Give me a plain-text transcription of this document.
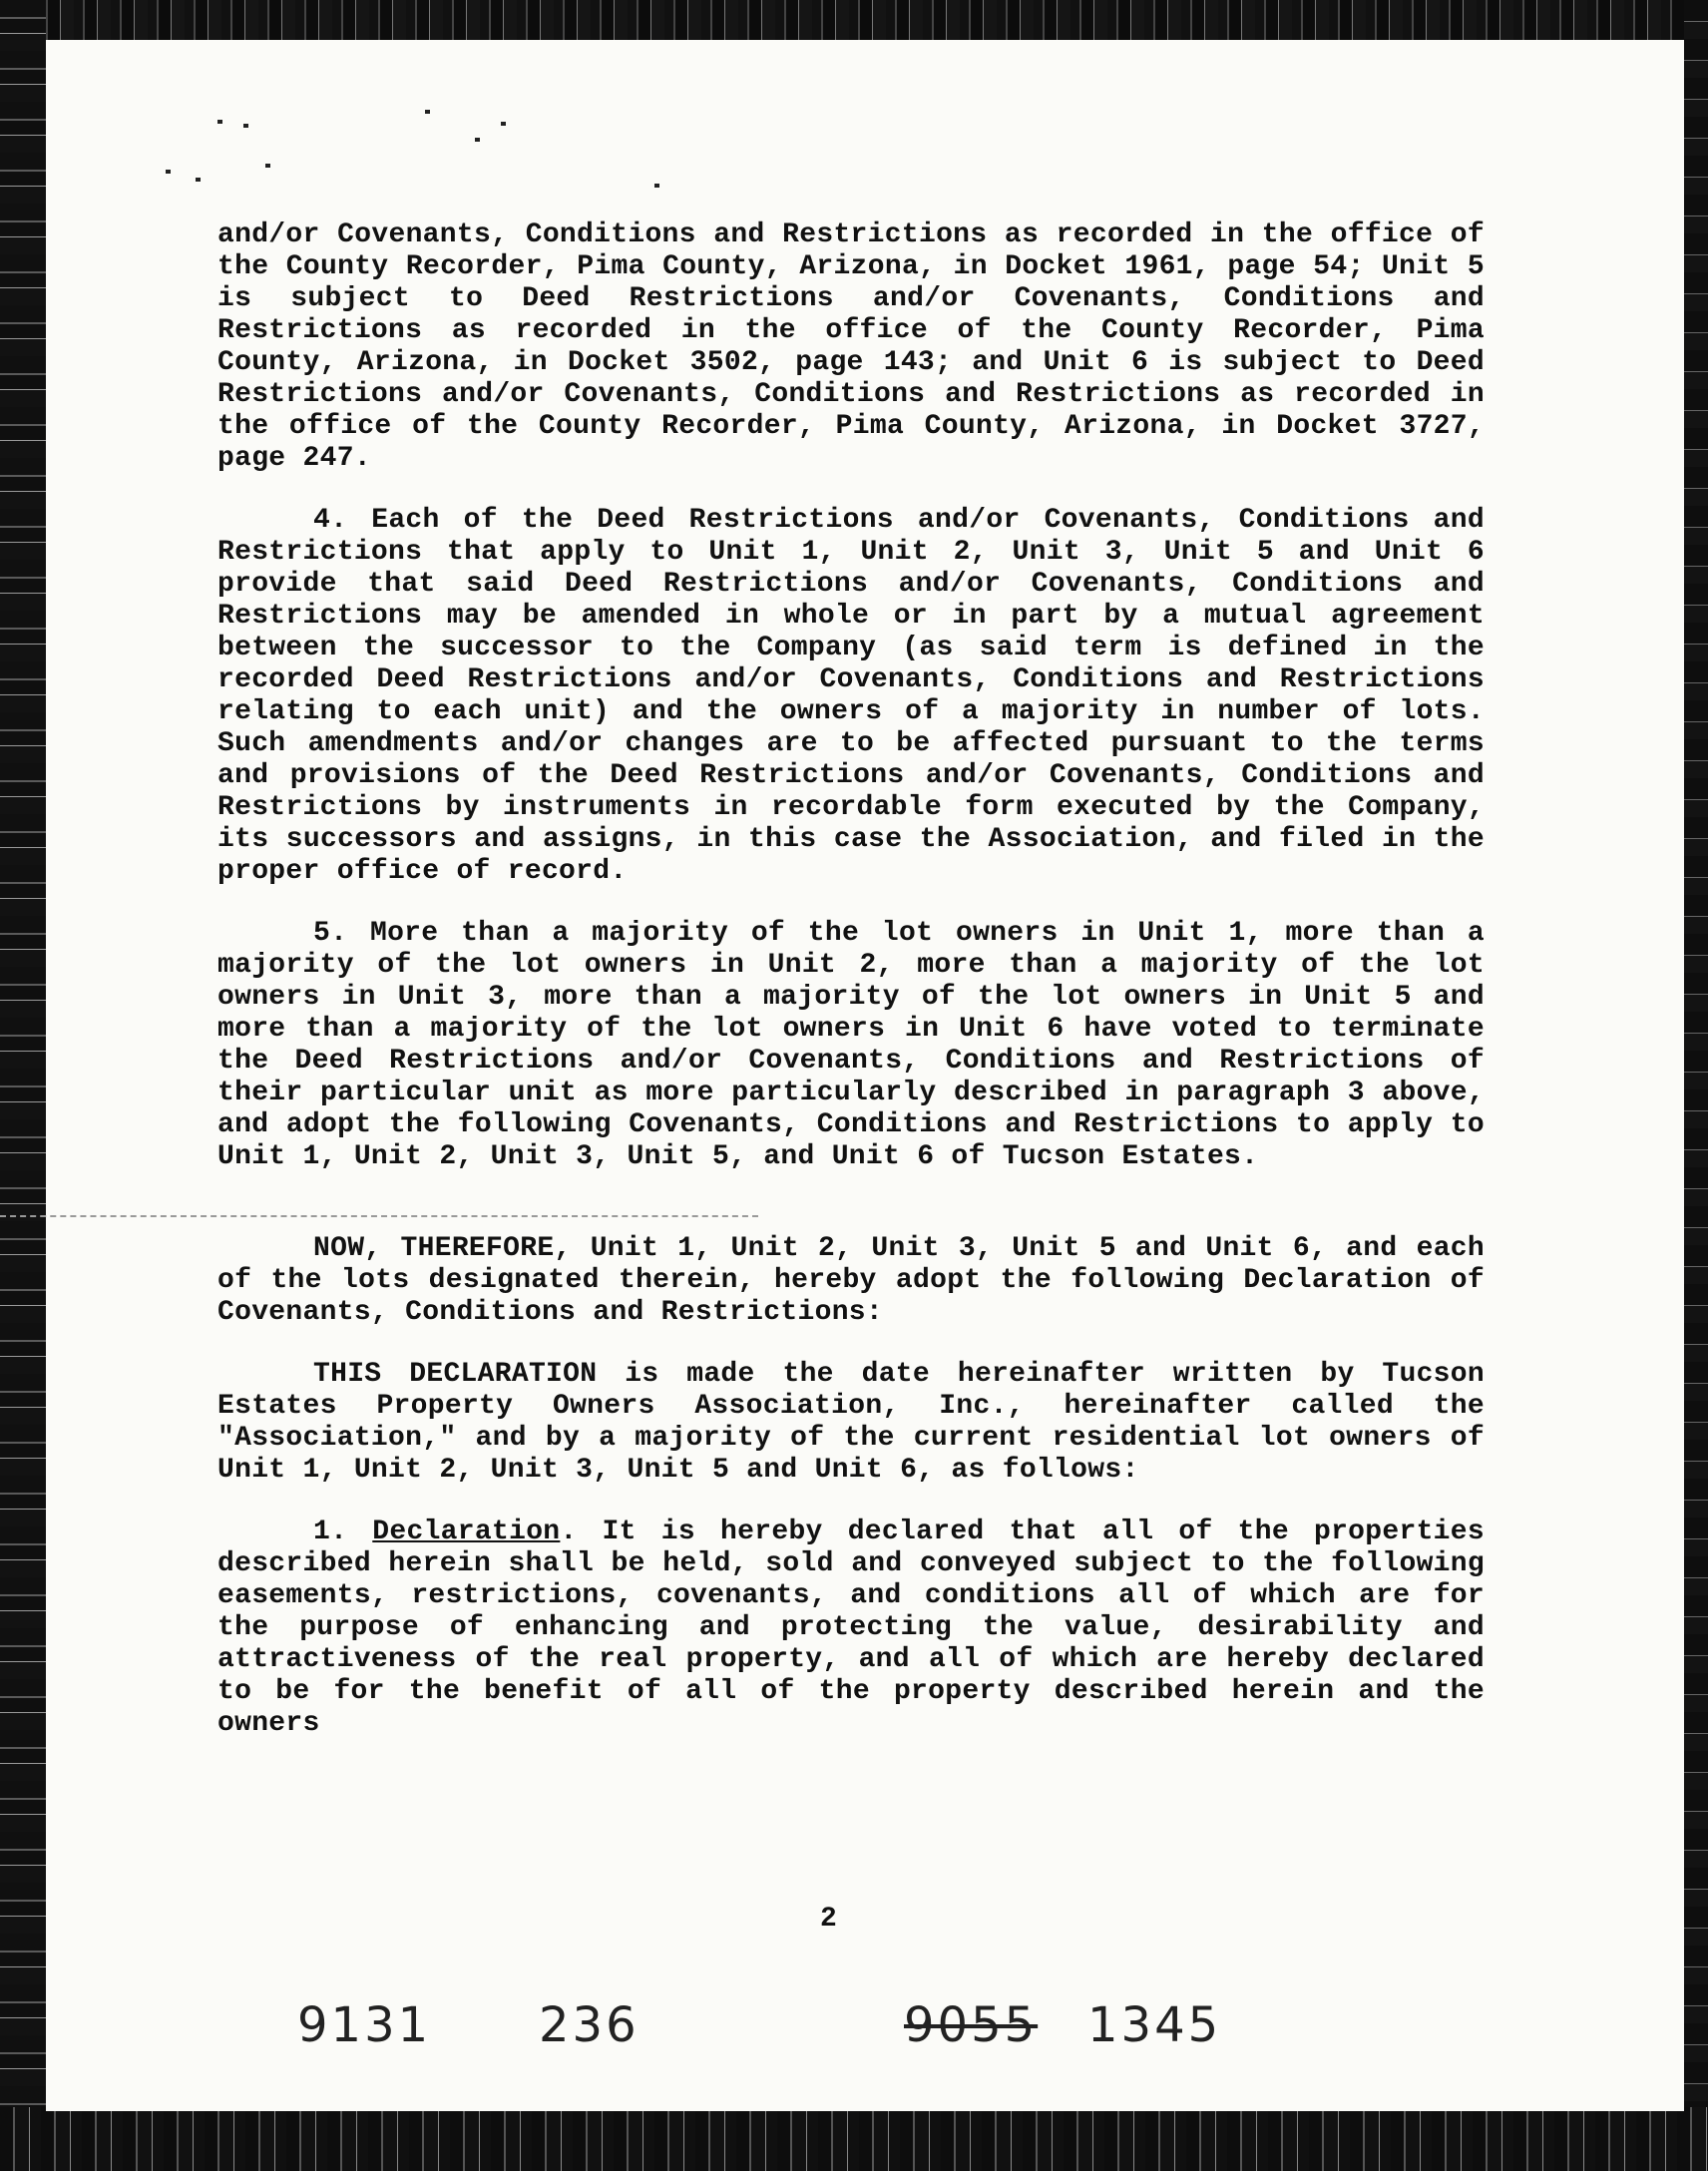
and/or Covenants, Conditions and Restrictions as recorded in the office of the County Recorder, Pima County, Arizona, in Docket 1961, page 54; Unit 5 is subject to Deed Restrictions and/or Covenants, Conditions and Restrictions as recorded in the office of the County Recorder, Pima County, Arizona, in Docket 3502, page 143; and Unit 6 is subject to Deed Restrictions and/or Covenants, Conditions and Restrictions as recorded in the office of the County Recorder, Pima County, Arizona, in Docket 3727, page 247.

4. Each of the Deed Restrictions and/or Covenants, Conditions and Restrictions that apply to Unit 1, Unit 2, Unit 3, Unit 5 and Unit 6 provide that said Deed Restrictions and/or Covenants, Conditions and Restrictions may be amended in whole or in part by a mutual agreement between the successor to the Company (as said term is defined in the recorded Deed Restrictions and/or Covenants, Conditions and Restrictions relating to each unit) and the owners of a majority in number of lots. Such amendments and/or changes are to be affected pursuant to the terms and provisions of the Deed Restrictions and/or Covenants, Conditions and Restrictions by instruments in recordable form executed by the Company, its successors and assigns, in this case the Association, and filed in the proper office of record.

5. More than a majority of the lot owners in Unit 1, more than a majority of the lot owners in Unit 2, more than a majority of the lot owners in Unit 3, more than a majority of the lot owners in Unit 5 and more than a majority of the lot owners in Unit 6 have voted to terminate the Deed Restrictions and/or Covenants, Conditions and Restrictions of their particular unit as more particularly described in paragraph 3 above, and adopt the following Covenants, Conditions and Restrictions to apply to Unit 1, Unit 2, Unit 3, Unit 5, and Unit 6 of Tucson Estates.

NOW, THEREFORE, Unit 1, Unit 2, Unit 3, Unit 5 and Unit 6, and each of the lots designated therein, hereby adopt the following Declaration of Covenants, Conditions and Restrictions:

THIS DECLARATION is made the date hereinafter written by Tucson Estates Property Owners Association, Inc., hereinafter called the "Association," and by a majority of the current residential lot owners of Unit 1, Unit 2, Unit 3, Unit 5 and Unit 6, as follows:

1. Declaration. It is hereby declared that all of the properties described herein shall be held, sold and conveyed subject to the following easements, restrictions, covenants, and conditions all of which are for the purpose of enhancing and protecting the value, desirability and attractiveness of the real property, and all of which are hereby declared to be for the benefit of all of the property described herein and the owners

2
9131 236	9055 1345
